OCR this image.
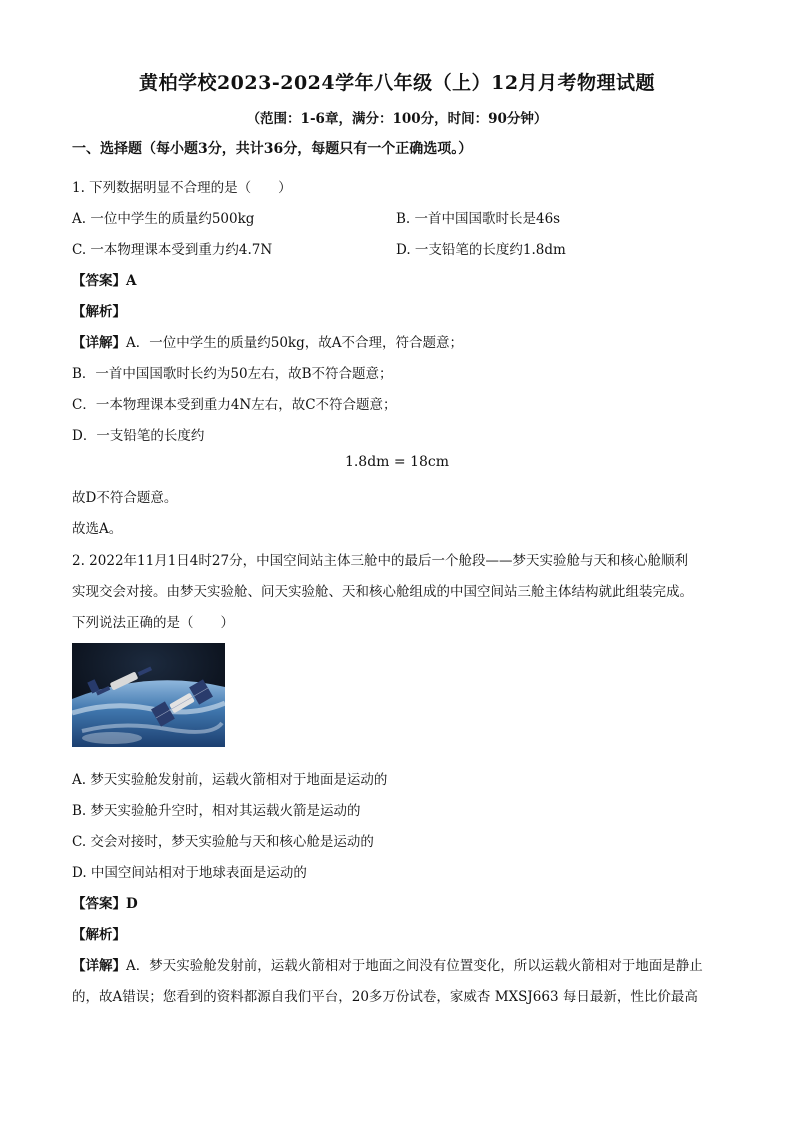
黄柏学校2023-2024学年八年级（上）12月月考物理试题
（范围：1-6章，满分：100分，时间：90分钟）
一、选择题（每小题3分，共计36分，每题只有一个正确选项。）
1. 下列数据明显不合理的是（　　）
A. 一位中学生的质量约500kg	B. 一首中国国歌时长是46s
C. 一本物理课本受到重力约4.7N	D. 一支铅笔的长度约1.8dm
【答案】A
【解析】
【详解】A．一位中学生的质量约50kg，故A不合理，符合题意；
B．一首中国国歌时长约为50左右，故B不符合题意；
C．一本物理课本受到重力4N左右，故C不符合题意；
D．一支铅笔的长度约
1.8dm = 18cm
故D不符合题意。
故选A。
2. 2022年11月1日4时27分，中国空间站主体三舱中的最后一个舱段——梦天实验舱与天和核心舱顺利
实现交会对接。由梦天实验舱、问天实验舱、天和核心舱组成的中国空间站三舱主体结构就此组装完成。
下列说法正确的是（　　）
A. 梦天实验舱发射前，运载火箭相对于地面是运动的
B. 梦天实验舱升空时，相对其运载火箭是运动的
C. 交会对接时，梦天实验舱与天和核心舱是运动的
D. 中国空间站相对于地球表面是运动的
【答案】D
【解析】
【详解】A．梦天实验舱发射前，运载火箭相对于地面之间没有位置变化，所以运载火箭相对于地面是静止
的，故A错误；您看到的资料都源自我们平台，20多万份试卷，家威杏 MXSJ663 每日最新，性比价最高
